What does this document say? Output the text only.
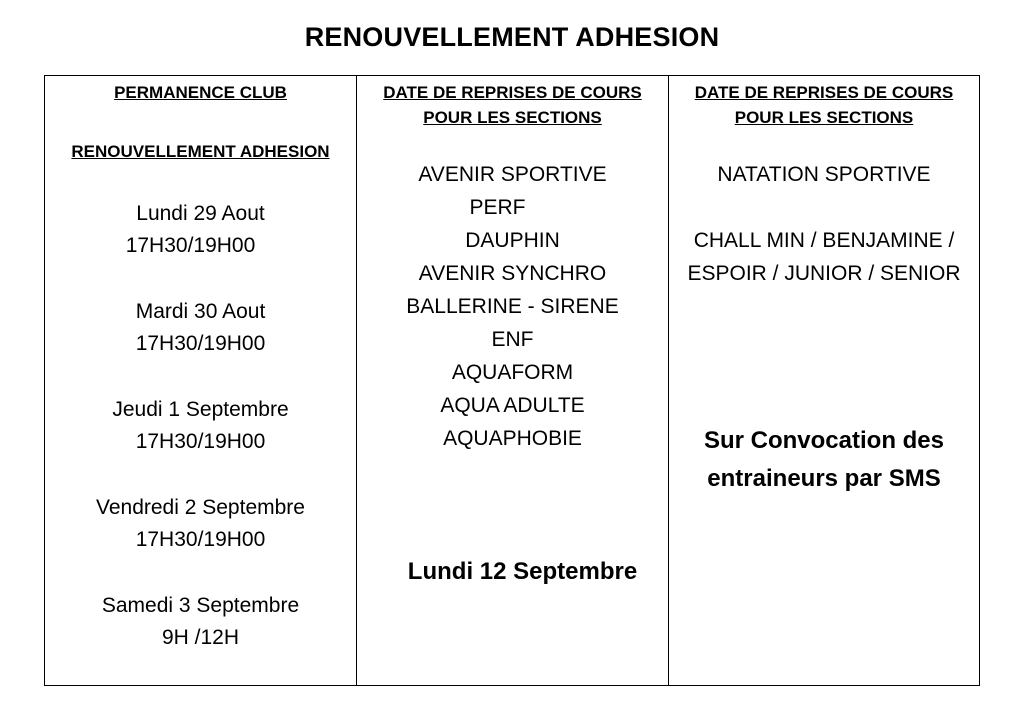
RENOUVELLEMENT ADHESION
PERMANENCE CLUB
RENOUVELLEMENT ADHESION
Lundi 29 Aout
17H30/19H00
Mardi 30 Aout
17H30/19H00
Jeudi 1 Septembre
17H30/19H00
Vendredi 2 Septembre
17H30/19H00
Samedi 3 Septembre
9H /12H
DATE DE REPRISES DE COURS
POUR LES SECTIONS
AVENIR SPORTIVE
PERF
DAUPHIN
AVENIR SYNCHRO
BALLERINE - SIRENE
ENF
AQUAFORM
AQUA ADULTE
AQUAPHOBIE
Lundi 12 Septembre
DATE DE REPRISES DE COURS
POUR LES SECTIONS
NATATION SPORTIVE
CHALL MIN / BENJAMINE /
ESPOIR / JUNIOR / SENIOR
Sur Convocation des
entraineurs par SMS
